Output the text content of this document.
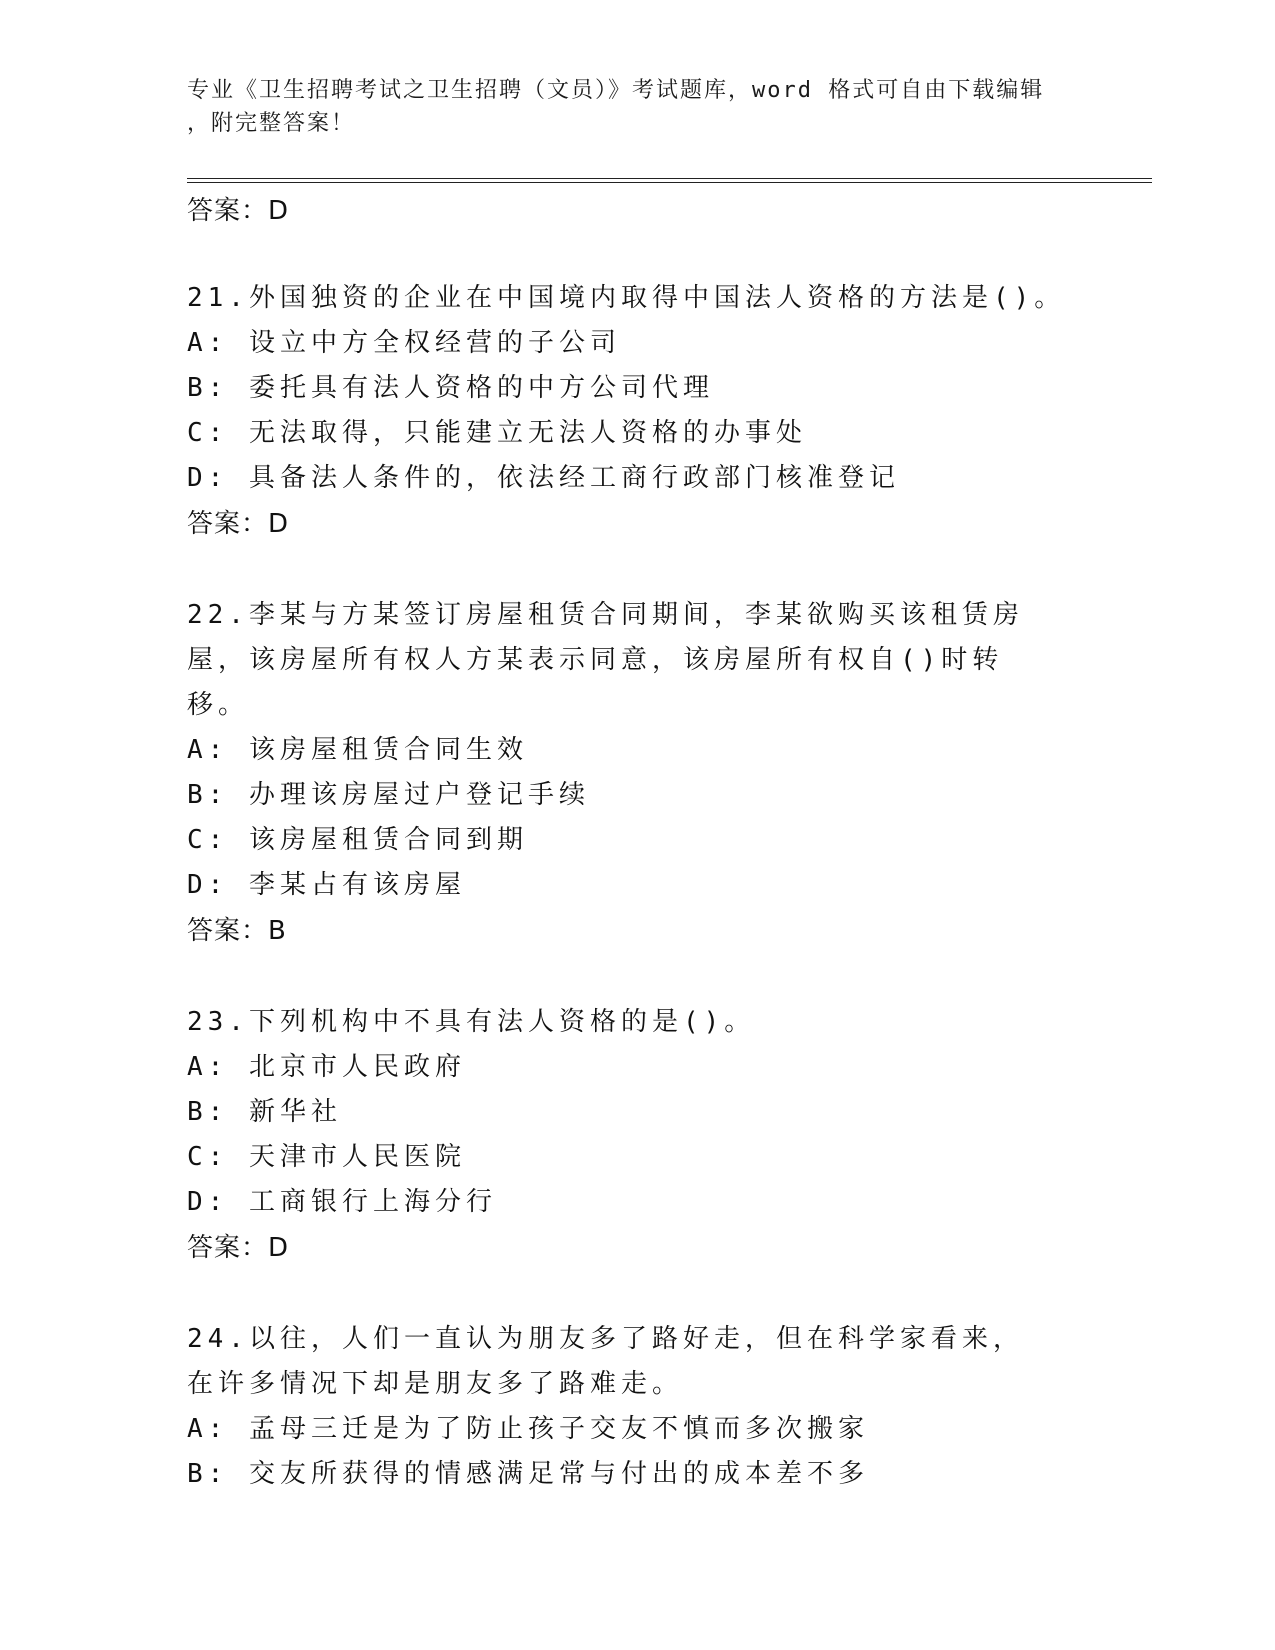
专业《卫生招聘考试之卫生招聘（文员）》考试题库，word 格式可自由下载编辑
，附完整答案！
答案：D

21.外国独资的企业在中国境内取得中国法人资格的方法是()。

A: 设立中方全权经营的子公司
B: 委托具有法人资格的中方公司代理
C: 无法取得，只能建立无法人资格的办事处
D: 具备法人条件的，依法经工商行政部门核准登记
答案：D

22.李某与方某签订房屋租赁合同期间，李某欲购买该租赁房屋，该房屋所有权人方某表示同意，该房屋所有权自()时转移。

A: 该房屋租赁合同生效
B: 办理该房屋过户登记手续
C: 该房屋租赁合同到期
D: 李某占有该房屋
答案：B

23.下列机构中不具有法人资格的是()。

A: 北京市人民政府
B: 新华社
C: 天津市人民医院
D: 工商银行上海分行
答案：D

24.以往，人们一直认为朋友多了路好走，但在科学家看来，在许多情况下却是朋友多了路难走。

A: 孟母三迁是为了防止孩子交友不慎而多次搬家
B: 交友所获得的情感满足常与付出的成本差不多
